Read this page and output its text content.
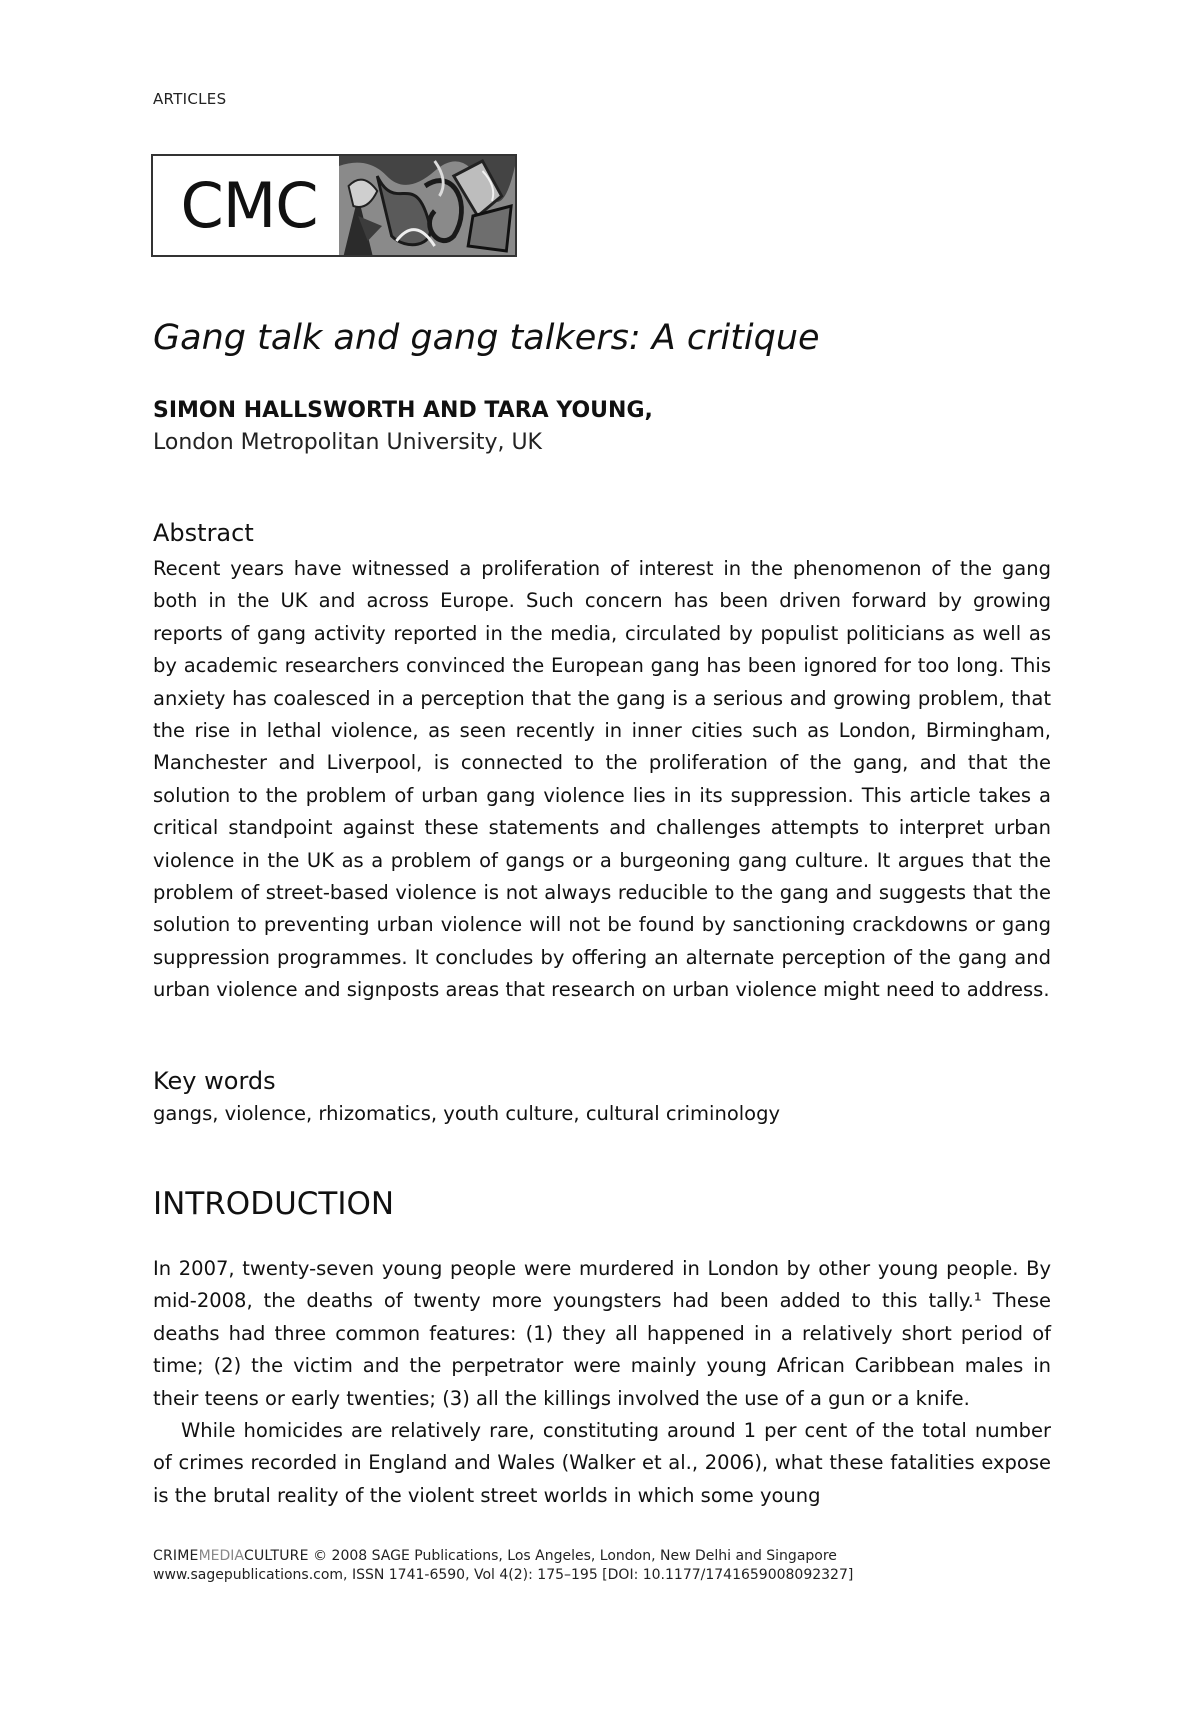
ARTICLES
CMC
Gang talk and gang talkers: A critique
SIMON HALLSWORTH AND TARA YOUNG,
London Metropolitan University, UK
Abstract

Recent years have witnessed a proliferation of interest in the phenomenon of the gang both in the UK and across Europe. Such concern has been driven forward by growing reports of gang activity reported in the media, circulated by populist politicians as well as by academic researchers convinced the European gang has been ignored for too long. This anxiety has coalesced in a perception that the gang is a serious and growing problem, that the rise in lethal violence, as seen recently in inner cities such as London, Birmingham, Manchester and Liverpool, is connected to the proliferation of the gang, and that the solution to the problem of urban gang violence lies in its suppression. This article takes a critical standpoint against these statements and challenges attempts to interpret urban violence in the UK as a problem of gangs or a burgeoning gang culture. It argues that the problem of street-based violence is not always reducible to the gang and suggests that the solution to preventing urban violence will not be found by sanctioning crackdowns or gang suppression programmes. It concludes by offering an alternate perception of the gang and urban violence and signposts areas that research on urban violence might need to address.

Key words
gangs, violence, rhizomatics, youth culture, cultural criminology
INTRODUCTION

In 2007, twenty-seven young people were murdered in London by other young people. By mid-2008, the deaths of twenty more youngsters had been added to this tally.¹ These deaths had three common features: (1) they all happened in a relatively short period of time; (2) the victim and the perpetrator were mainly young African Caribbean males in their teens or early twenties; (3) all the killings involved the use of a gun or a knife.

While homicides are relatively rare, constituting around 1 per cent of the total number of crimes recorded in England and Wales (Walker et al., 2006), what these fatalities expose is the brutal reality of the violent street worlds in which some young

CRIMEMEDIACULTURE © 2008 SAGE Publications, Los Angeles, London, New Delhi and Singapore
www.sagepublications.com, ISSN 1741-6590, Vol 4(2): 175–195 [DOI: 10.1177/1741659008092327]
